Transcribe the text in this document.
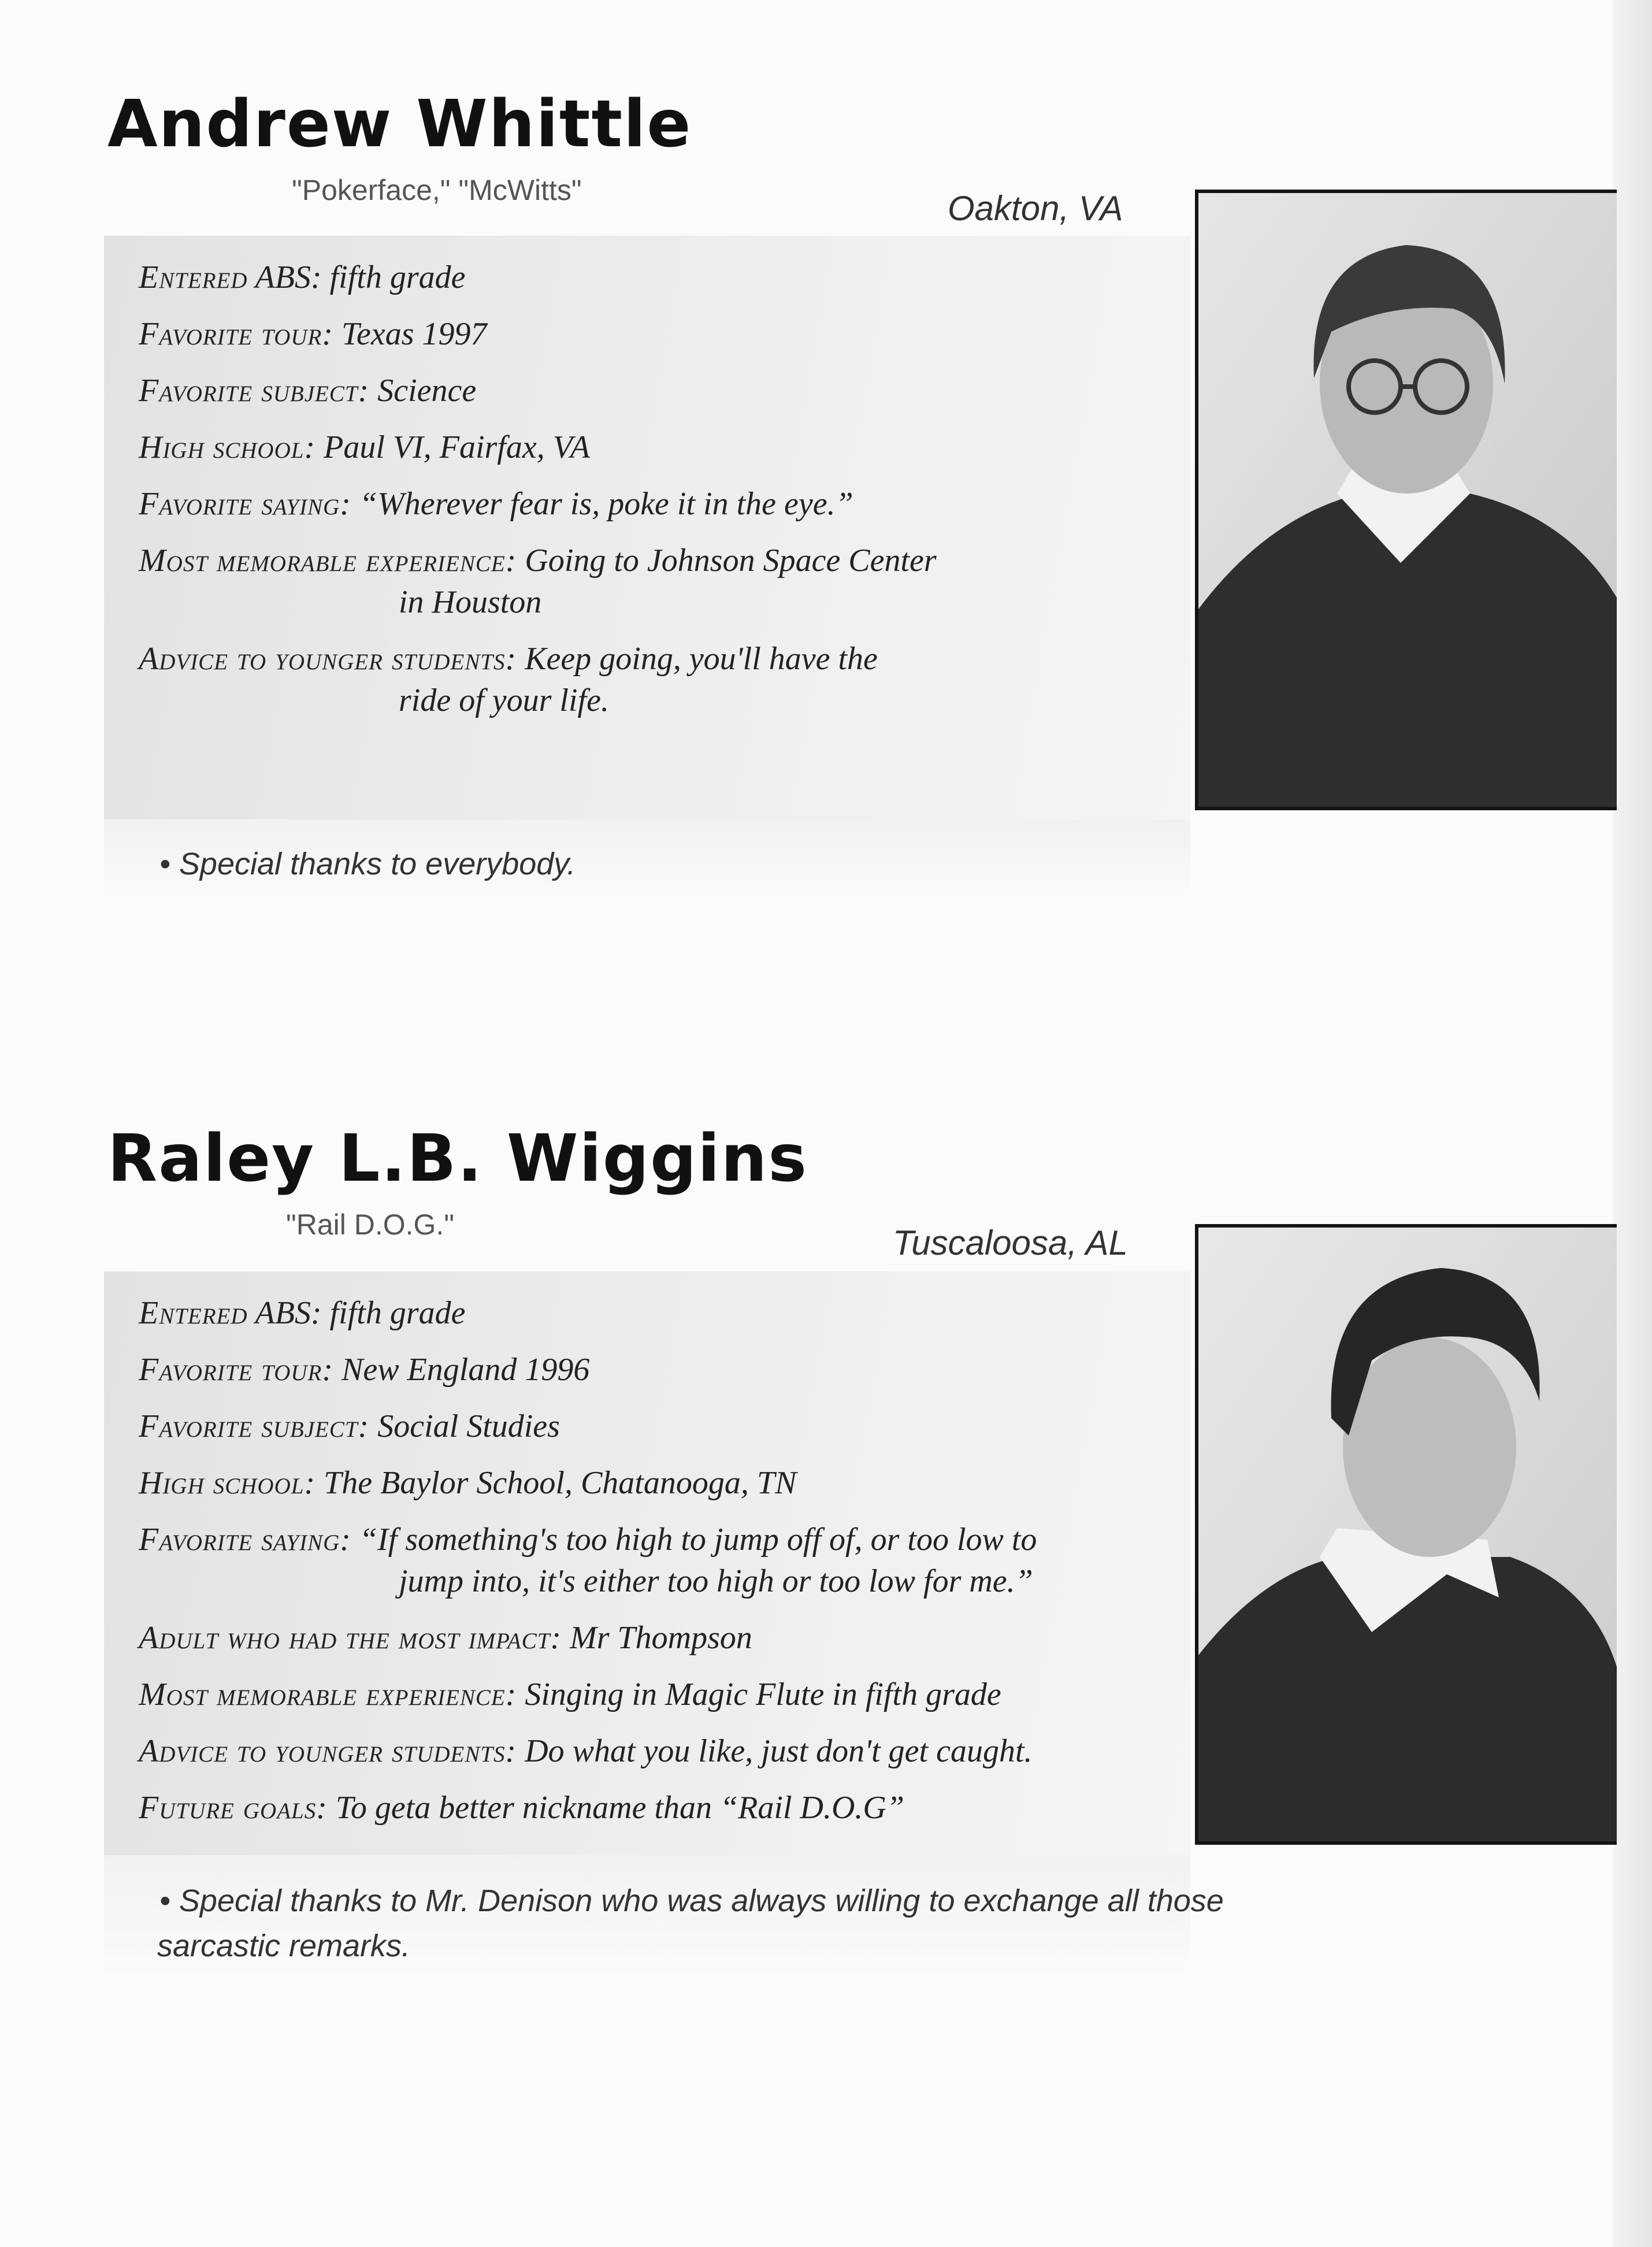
Andrew Whittle

"Pokerface," "McWitts"	Oakton, VA

Entered ABS: fifth grade

Favorite tour: Texas 1997

Favorite subject: Science

High school: Paul VI, Fairfax, VA

Favorite saying: “Wherever fear is, poke it in the eye.”

Most memorable experience: Going to Johnson Space Center
in Houston

Advice to younger students: Keep going, you'll have the
ride of your life.

• Special thanks to everybody.

Raley L.B. Wiggins

"Rail D.O.G."	Tuscaloosa, AL

Entered ABS: fifth grade

Favorite tour: New England 1996

Favorite subject: Social Studies

High school: The Baylor School, Chatanooga, TN

Favorite saying: “If something's too high to jump off of, or too low to
jump into, it's either too high or too low for me.”

Adult who had the most impact: Mr Thompson

Most memorable experience: Singing in Magic Flute in fifth grade

Advice to younger students: Do what you like, just don't get caught.

Future goals: To geta better nickname than “Rail D.O.G”

• Special thanks to Mr. Denison who was always willing to exchange all those
sarcastic remarks.
